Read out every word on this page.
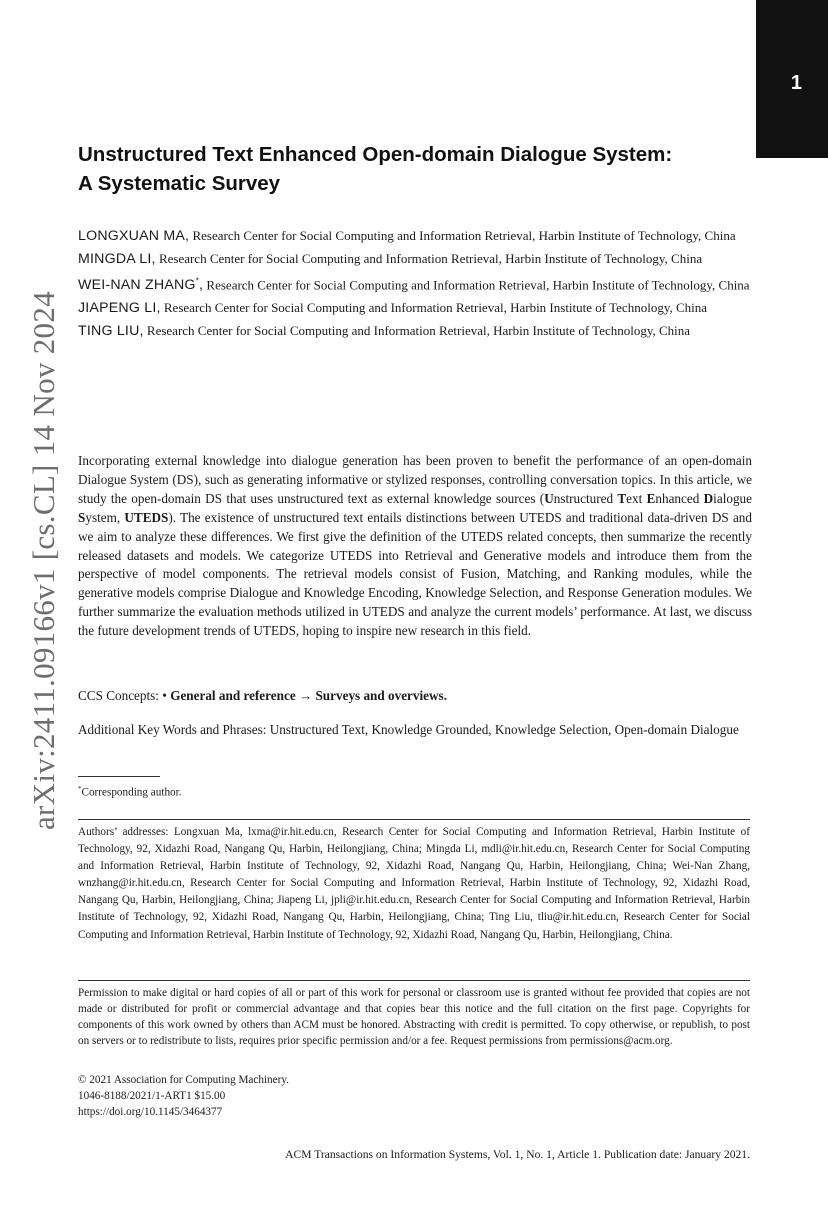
1
arXiv:2411.09166v1 [cs.CL] 14 Nov 2024
Unstructured Text Enhanced Open-domain Dialogue System:
A Systematic Survey

LONGXUAN MA, Research Center for Social Computing and Information Retrieval, Harbin Institute of Technology, China

MINGDA LI, Research Center for Social Computing and Information Retrieval, Harbin Institute of Technology, China

WEI-NAN ZHANG*, Research Center for Social Computing and Information Retrieval, Harbin Institute of Technology, China

JIAPENG LI, Research Center for Social Computing and Information Retrieval, Harbin Institute of Technology, China

TING LIU, Research Center for Social Computing and Information Retrieval, Harbin Institute of Technology, China

Incorporating external knowledge into dialogue generation has been proven to benefit the performance of an open-domain Dialogue System (DS), such as generating informative or stylized responses, controlling conversation topics. In this article, we study the open-domain DS that uses unstructured text as external knowledge sources (Unstructured Text Enhanced Dialogue System, UTEDS). The existence of unstructured text entails distinctions between UTEDS and traditional data-driven DS and we aim to analyze these differences. We first give the definition of the UTEDS related concepts, then summarize the recently released datasets and models. We categorize UTEDS into Retrieval and Generative models and introduce them from the perspective of model components. The retrieval models consist of Fusion, Matching, and Ranking modules, while the generative models comprise Dialogue and Knowledge Encoding, Knowledge Selection, and Response Generation modules. We further summarize the evaluation methods utilized in UTEDS and analyze the current models’ performance. At last, we discuss the future development trends of UTEDS, hoping to inspire new research in this field.

CCS Concepts: • General and reference → Surveys and overviews.

Additional Key Words and Phrases: Unstructured Text, Knowledge Grounded, Knowledge Selection, Open-domain Dialogue

*Corresponding author.

Authors’ addresses: Longxuan Ma, lxma@ir.hit.edu.cn, Research Center for Social Computing and Information Retrieval, Harbin Institute of Technology, 92, Xidazhi Road, Nangang Qu, Harbin, Heilongjiang, China; Mingda Li, mdli@ir.hit.edu.cn, Research Center for Social Computing and Information Retrieval, Harbin Institute of Technology, 92, Xidazhi Road, Nangang Qu, Harbin, Heilongjiang, China; Wei-Nan Zhang, wnzhang@ir.hit.edu.cn, Research Center for Social Computing and Information Retrieval, Harbin Institute of Technology, 92, Xidazhi Road, Nangang Qu, Harbin, Heilongjiang, China; Jiapeng Li, jpli@ir.hit.edu.cn, Research Center for Social Computing and Information Retrieval, Harbin Institute of Technology, 92, Xidazhi Road, Nangang Qu, Harbin, Heilongjiang, China; Ting Liu, tliu@ir.hit.edu.cn, Research Center for Social Computing and Information Retrieval, Harbin Institute of Technology, 92, Xidazhi Road, Nangang Qu, Harbin, Heilongjiang, China.

Permission to make digital or hard copies of all or part of this work for personal or classroom use is granted without fee provided that copies are not made or distributed for profit or commercial advantage and that copies bear this notice and the full citation on the first page. Copyrights for components of this work owned by others than ACM must be honored. Abstracting with credit is permitted. To copy otherwise, or republish, to post on servers or to redistribute to lists, requires prior specific permission and/or a fee. Request permissions from permissions@acm.org.

© 2021 Association for Computing Machinery.
1046-8188/2021/1-ART1 $15.00
https://doi.org/10.1145/3464377
ACM Transactions on Information Systems, Vol. 1, No. 1, Article 1. Publication date: January 2021.
